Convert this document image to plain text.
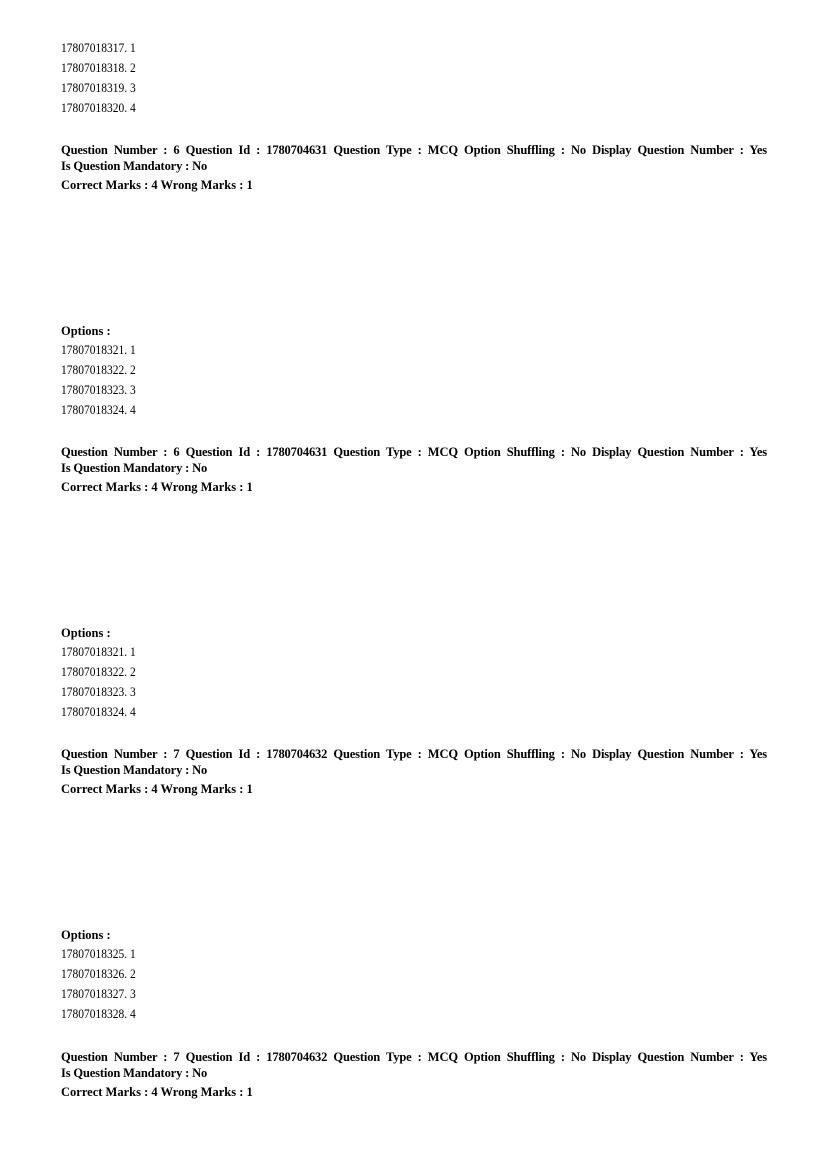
17807018317. 1
17807018318. 2
17807018319. 3
17807018320. 4
Question Number : 6 Question Id : 1780704631 Question Type : MCQ Option Shuffling : No Display Question Number : Yes
Is Question Mandatory : No
Correct Marks : 4 Wrong Marks : 1
Options :
17807018321. 1
17807018322. 2
17807018323. 3
17807018324. 4
Question Number : 6 Question Id : 1780704631 Question Type : MCQ Option Shuffling : No Display Question Number : Yes
Is Question Mandatory : No
Correct Marks : 4 Wrong Marks : 1
Options :
17807018321. 1
17807018322. 2
17807018323. 3
17807018324. 4
Question Number : 7 Question Id : 1780704632 Question Type : MCQ Option Shuffling : No Display Question Number : Yes
Is Question Mandatory : No
Correct Marks : 4 Wrong Marks : 1
Options :
17807018325. 1
17807018326. 2
17807018327. 3
17807018328. 4
Question Number : 7 Question Id : 1780704632 Question Type : MCQ Option Shuffling : No Display Question Number : Yes
Is Question Mandatory : No
Correct Marks : 4 Wrong Marks : 1
